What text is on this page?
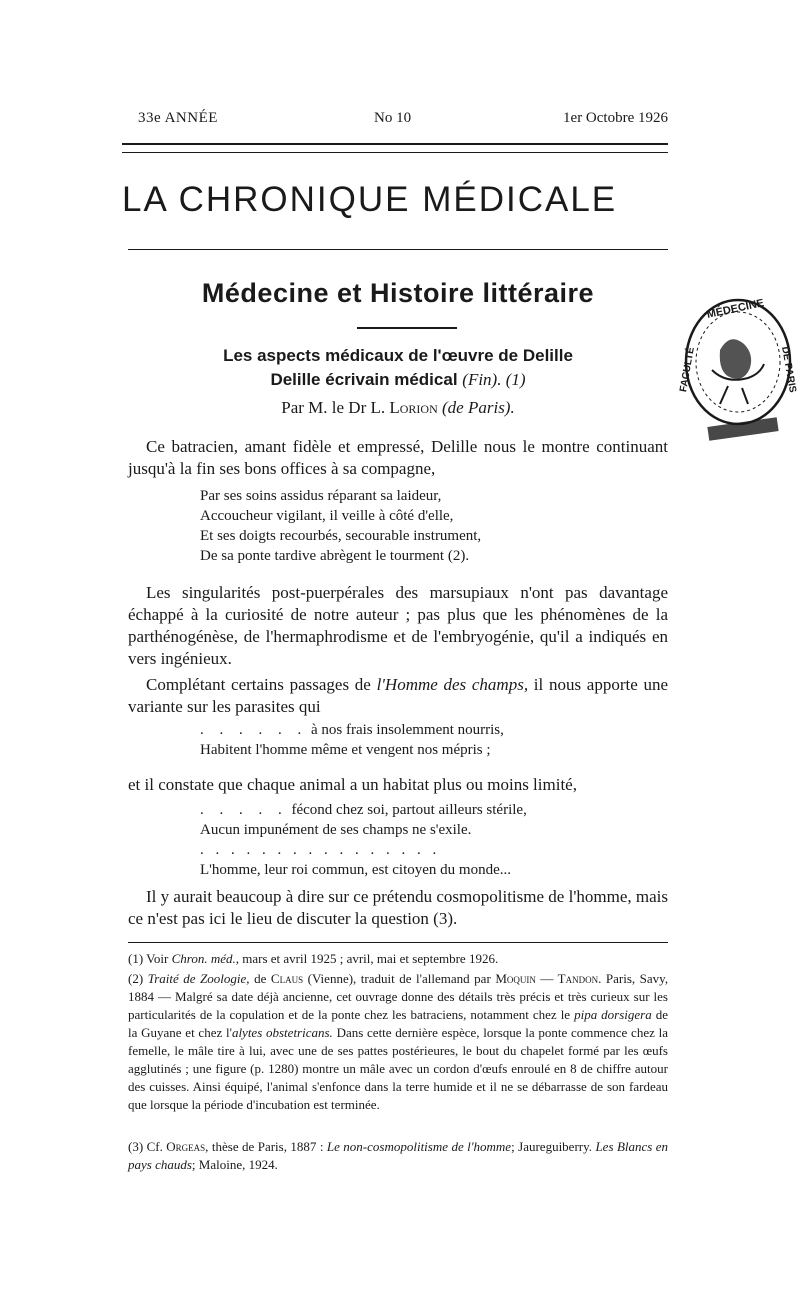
33e ANNÉE	No 10	1er Octobre 1926
LA CHRONIQUE MÉDICALE
Médecine et Histoire littéraire
Les aspects médicaux de l'œuvre de Delille
Delille écrivain médical (Fin). (1)
Par M. le Dr L. Lorion (de Paris).
MÉDECINE
DE PARIS
FACULTÉ
Ce batracien, amant fidèle et empressé, Delille nous le montre continuant jusqu'à la fin ses bons offices à sa compagne,
Par ses soins assidus réparant sa laideur,
Accoucheur vigilant, il veille à côté d'elle,
Et ses doigts recourbés, secourable instrument,
De sa ponte tardive abrègent le tourment (2).
Les singularités post-puerpérales des marsupiaux n'ont pas davantage échappé à la curiosité de notre auteur ; pas plus que les phénomènes de la parthénogénèse, de l'hermaphrodisme et de l'embryogénie, qu'il a indiqués en vers ingénieux.
Complétant certains passages de l'Homme des champs, il nous apporte une variante sur les parasites qui
. . . . . . à nos frais insolemment nourris,
Habitent l'homme même et vengent nos mépris ;
et il constate que chaque animal a un habitat plus ou moins limité,
. . . . . fécond chez soi, partout ailleurs stérile,
Aucun impunément de ses champs ne s'exile.
. . . . . . . . . . . . . . . .
L'homme, leur roi commun, est citoyen du monde...
Il y aurait beaucoup à dire sur ce prétendu cosmopolitisme de l'homme, mais ce n'est pas ici le lieu de discuter la question (3).
(1) Voir Chron. méd., mars et avril 1925 ; avril, mai et septembre 1926.
(2) Traité de Zoologie, de Claus (Vienne), traduit de l'allemand par Moquin — Tandon. Paris, Savy, 1884 — Malgré sa date déjà ancienne, cet ouvrage donne des détails très précis et très curieux sur les particularités de la copulation et de la ponte chez les batraciens, notamment chez le pipa dorsigera de la Guyane et chez l'alytes obstetricans. Dans cette dernière espèce, lorsque la ponte commence chez la femelle, le mâle tire à lui, avec une de ses pattes postérieures, le bout du chapelet formé par les œufs agglutinés ; une figure (p. 1280) montre un mâle avec un cordon d'œufs enroulé en 8 de chiffre autour des cuisses. Ainsi équipé, l'animal s'enfonce dans la terre humide et il ne se débarrasse de son fardeau que lorsque la période d'incubation est terminée.
(3) Cf. Orgeas, thèse de Paris, 1887 : Le non-cosmopolitisme de l'homme; Jaureguiberry. Les Blancs en pays chauds; Maloine, 1924.
